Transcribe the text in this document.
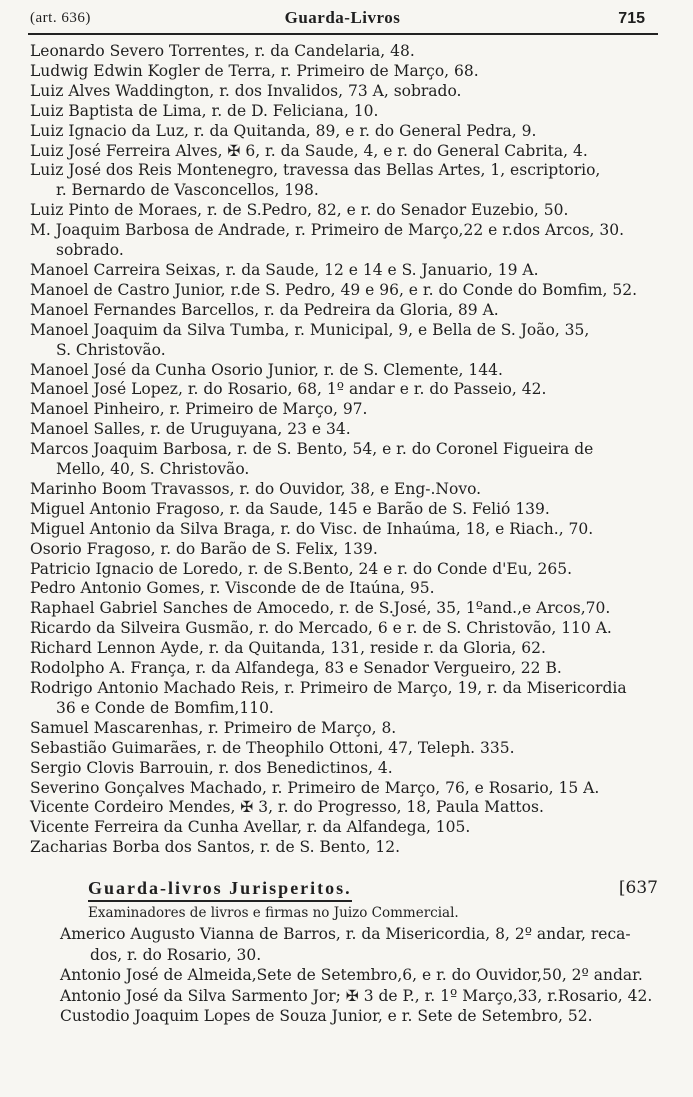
(art. 636)	Guarda-Livros	715
Leonardo Severo Torrentes, r. da Candelaria, 48.
Ludwig Edwin Kogler de Terra, r. Primeiro de Março, 68.
Luiz Alves Waddington, r. dos Invalidos, 73 A, sobrado.
Luiz Baptista de Lima, r. de D. Feliciana, 10.
Luiz Ignacio da Luz, r. da Quitanda, 89, e r. do General Pedra, 9.
Luiz José Ferreira Alves, ✠ 6, r. da Saude, 4, e r. do General Cabrita, 4.
Luiz José dos Reis Montenegro, travessa das Bellas Artes, 1, escriptorio,
r. Bernardo de Vasconcellos, 198.
Luiz Pinto de Moraes, r. de S.Pedro, 82, e r. do Senador Euzebio, 50.
M. Joaquim Barbosa de Andrade, r. Primeiro de Março,22 e r.dos Arcos, 30.
sobrado.
Manoel Carreira Seixas, r. da Saude, 12 e 14 e S. Januario, 19 A.
Manoel de Castro Junior, r.de S. Pedro, 49 e 96, e r. do Conde do Bomfim, 52.
Manoel Fernandes Barcellos, r. da Pedreira da Gloria, 89 A.
Manoel Joaquim da Silva Tumba, r. Municipal, 9, e Bella de S. João, 35,
S. Christovão.
Manoel José da Cunha Osorio Junior, r. de S. Clemente, 144.
Manoel José Lopez, r. do Rosario, 68, 1º andar e r. do Passeio, 42.
Manoel Pinheiro, r. Primeiro de Março, 97.
Manoel Salles, r. de Uruguyana, 23 e 34.
Marcos Joaquim Barbosa, r. de S. Bento, 54, e r. do Coronel Figueira de
Mello, 40, S. Christovão.
Marinho Boom Travassos, r. do Ouvidor, 38, e Eng-.Novo.
Miguel Antonio Fragoso, r. da Saude, 145 e Barão de S. Felió 139.
Miguel Antonio da Silva Braga, r. do Visc. de Inhaúma, 18, e Riach., 70.
Osorio Fragoso, r. do Barão de S. Felix, 139.
Patricio Ignacio de Loredo, r. de S.Bento, 24 e r. do Conde d'Eu, 265.
Pedro Antonio Gomes, r. Visconde de de Itaúna, 95.
Raphael Gabriel Sanches de Amocedo, r. de S.José, 35, 1ºand.,e Arcos,70.
Ricardo da Silveira Gusmão, r. do Mercado, 6 e r. de S. Christovão, 110 A.
Richard Lennon Ayde, r. da Quitanda, 131, reside r. da Gloria, 62.
Rodolpho A. França, r. da Alfandega, 83 e Senador Vergueiro, 22 B.
Rodrigo Antonio Machado Reis, r. Primeiro de Março, 19, r. da Misericordia
36 e Conde de Bomfim,110.
Samuel Mascarenhas, r. Primeiro de Março, 8.
Sebastião Guimarães, r. de Theophilo Ottoni, 47, Teleph. 335.
Sergio Clovis Barrouin, r. dos Benedictinos, 4.
Severino Gonçalves Machado, r. Primeiro de Março, 76, e Rosario, 15 A.
Vicente Cordeiro Mendes, ✠ 3, r. do Progresso, 18, Paula Mattos.
Vicente Ferreira da Cunha Avellar, r. da Alfandega, 105.
Zacharias Borba dos Santos, r. de S. Bento, 12.
Guarda-livros Jurisperitos.	[637
Examinadores de livros e firmas no Juizo Commercial.
Americo Augusto Vianna de Barros, r. da Misericordia, 8, 2º andar, reca-
dos, r. do Rosario, 30.
Antonio José de Almeida,Sete de Setembro,6, e r. do Ouvidor,50, 2º andar.
Antonio José da Silva Sarmento Jor; ✠ 3 de P., r. 1º Março,33, r.Rosario, 42.
Custodio Joaquim Lopes de Souza Junior, e r. Sete de Setembro, 52.
